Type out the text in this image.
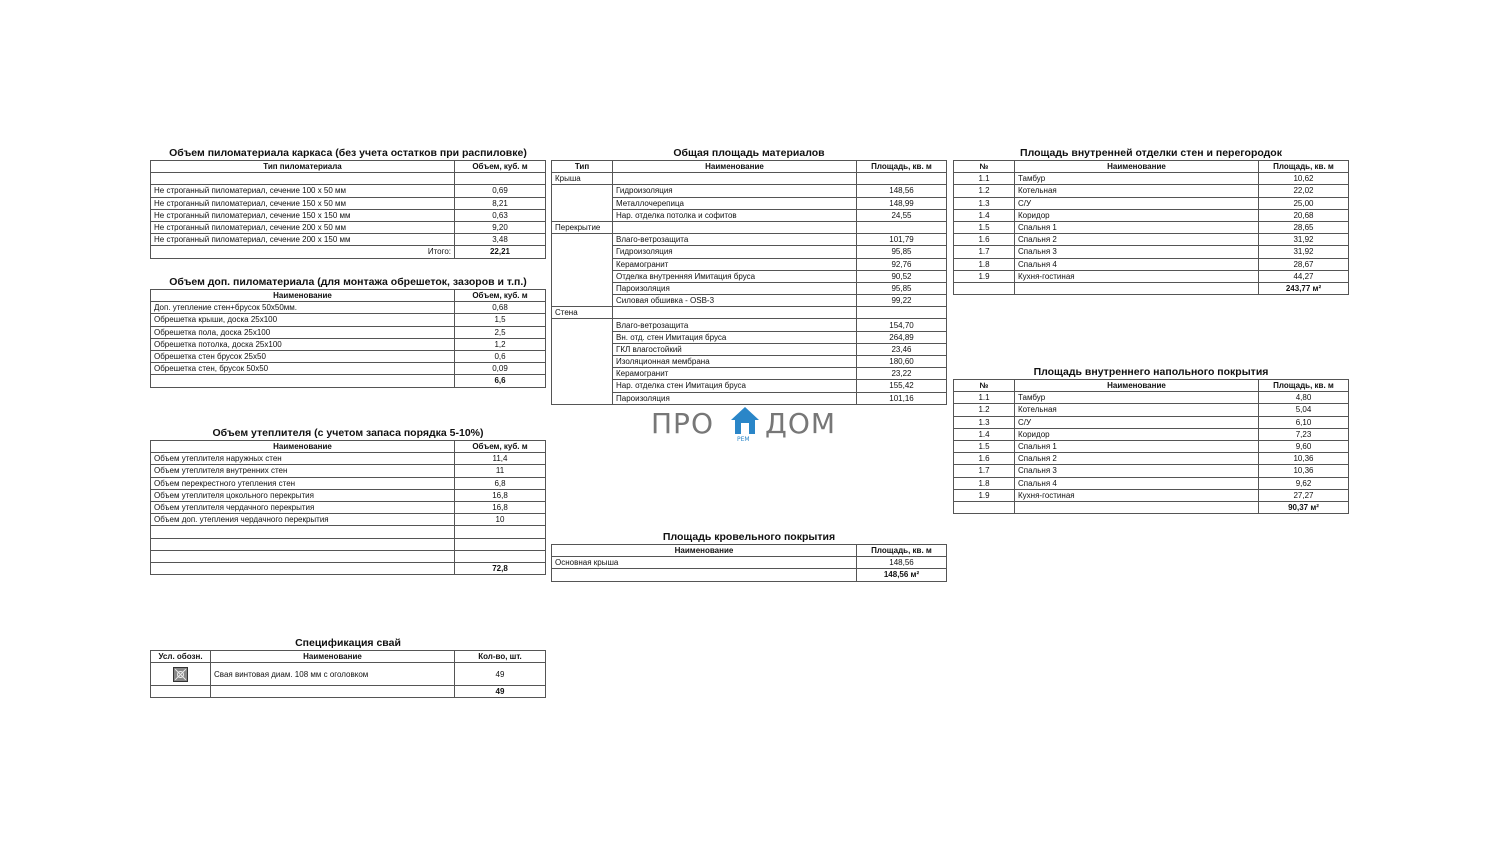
Объем пиломатериала каркаса (без учета остатков при распиловке)
Тип пиломатериала	Объем, куб. м

Не строганный пиломатериал, сечение 100 х 50 мм	0,69
Не строганный пиломатериал, сечение 150 х 50 мм	8,21
Не строганный пиломатериал, сечение 150 х 150 мм	0,63
Не строганный пиломатериал, сечение 200 х 50 мм	9,20
Не строганный пиломатериал, сечение 200 х 150 мм	3,48
Итого:	22,21
Объем доп. пиломатериала (для монтажа обрешеток, зазоров и т.п.)
Наименование	Объем, куб. м
Доп. утепление стен+брусок 50х50мм.	0,68
Обрешетка крыши, доска 25х100	1,5
Обрешетка пола, доска 25х100	2,5
Обрешетка потолка, доска 25х100	1,2
Обрешетка стен брусок 25х50	0,6
Обрешетка стен, брусок 50х50	0,09
	6,6
Объем утеплителя (с учетом запаса порядка 5-10%)
Наименование	Объем, куб. м
Объем утеплителя наружных стен	11,4
Объем утеплителя внутренних стен	11
Объем перекрестного утепления стен	6,8
Объем утеплителя цокольного перекрытия	16,8
Объем утеплителя чердачного перекрытия	16,8
Объем доп. утепления чердачного перекрытия	10

	72,8
Спецификация свай
Усл. обозн.	Наименование	Кол-во, шт.

	Свая винтовая диам. 108 мм с оголовком	49
		49
Общая площадь материалов
Тип	Наименование	Площадь, кв. м
Крыша		
	Гидроизоляция	148,56
	Металлочерепица	148,99
	Нар. отделка потолка и софитов	24,55
Перекрытие		
	Влаго-ветрозащита	101,79
	Гидроизоляция	95,85
	Керамогранит	92,76
	Отделка внутренняя Имитация бруса	90,52
	Пароизоляция	95,85
	Силовая обшивка - OSB-3	99,22
Стена		
	Влаго-ветрозащита	154,70
	Вн. отд. стен Имитация бруса	264,89
	ГКЛ влагостойкий	23,46
	Изоляционная мембрана	180,60
	Керамогранит	23,22
	Нар. отделка стен Имитация бруса	155,42
	Пароизоляция	101,16
ПРО	РЕМ ДОМ
Площадь кровельного покрытия
Наименование	Площадь, кв. м
Основная крыша	148,56
	148,56 м²
Площадь внутренней отделки стен и перегородок
№	Наименование	Площадь, кв. м
1.1	Тамбур	10,62
1.2	Котельная	22,02
1.3	С/У	25,00
1.4	Коридор	20,68
1.5	Спальня 1	28,65
1.6	Спальня 2	31,92
1.7	Спальня 3	31,92
1.8	Спальня 4	28,67
1.9	Кухня-гостиная	44,27
		243,77 м²
Площадь внутреннего напольного покрытия
№	Наименование	Площадь, кв. м
1.1	Тамбур	4,80
1.2	Котельная	5,04
1.3	С/У	6,10
1.4	Коридор	7,23
1.5	Спальня 1	9,60
1.6	Спальня 2	10,36
1.7	Спальня 3	10,36
1.8	Спальня 4	9,62
1.9	Кухня-гостиная	27,27
		90,37 м²
